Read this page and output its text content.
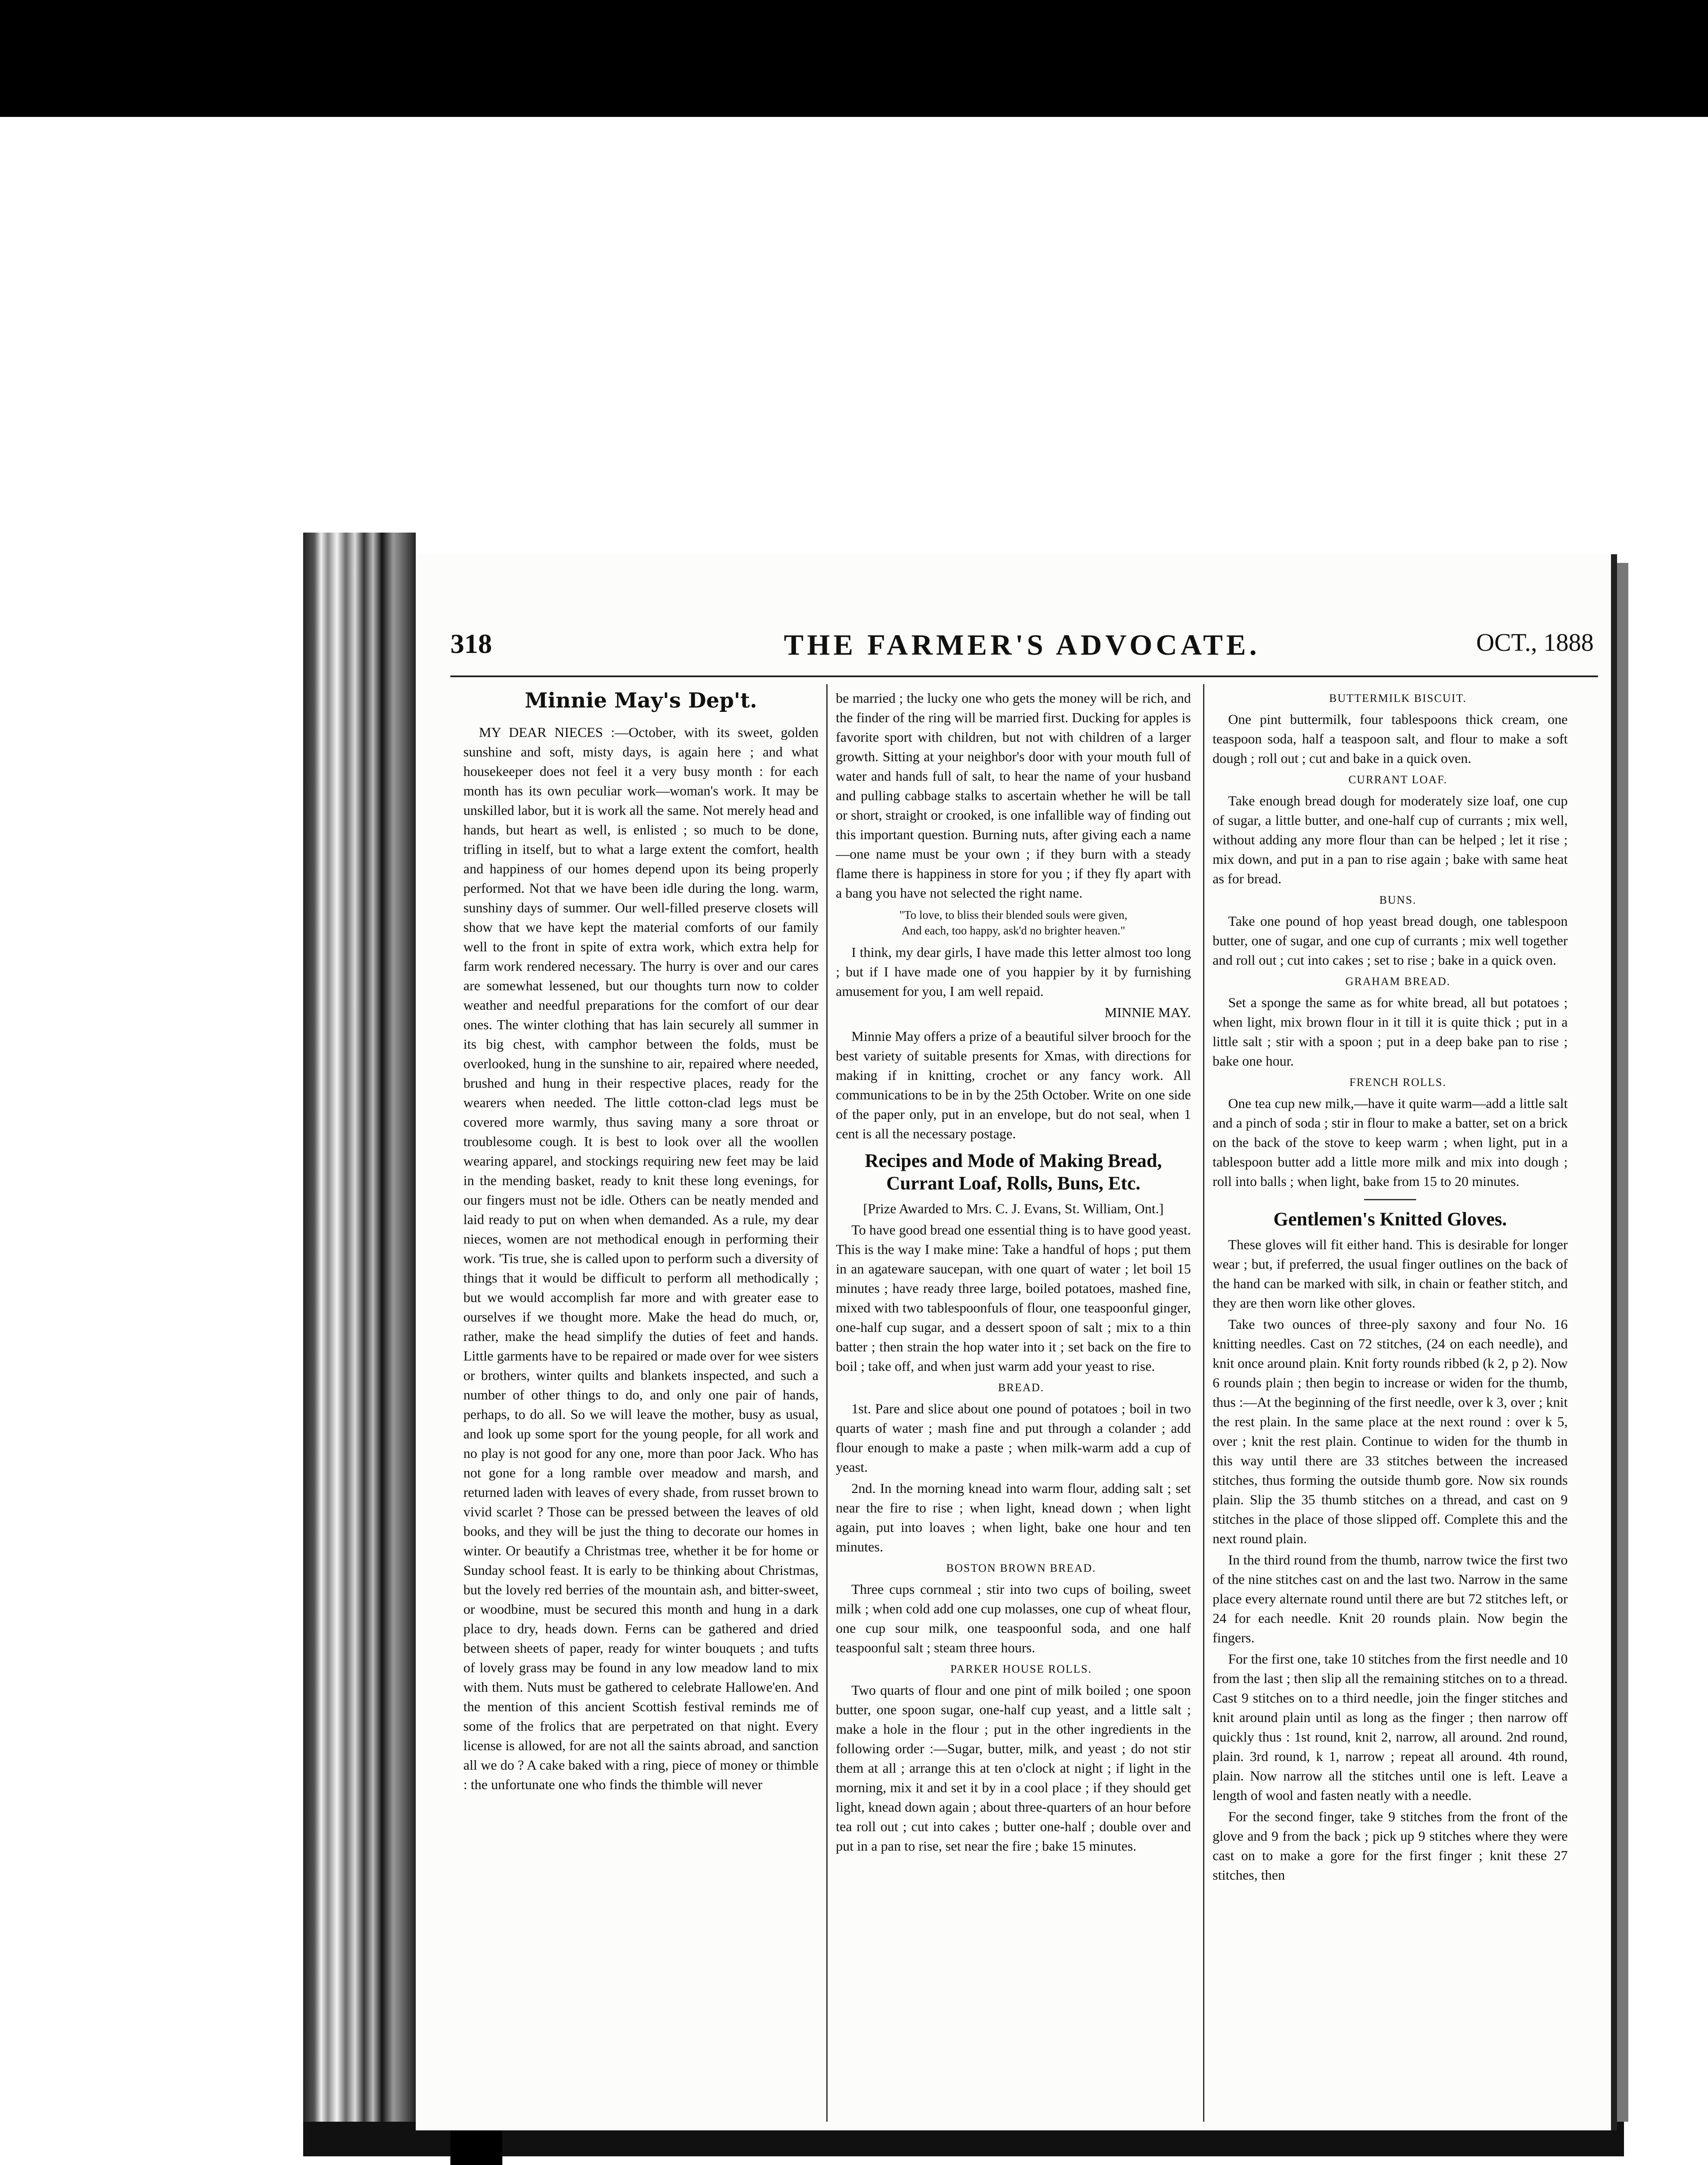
318	THE FARMER'S ADVOCATE.	OCT., 1888
Minnie May's Dep't.

MY DEAR NIECES :—October, with its sweet, golden sunshine and soft, misty days, is again here ; and what housekeeper does not feel it a very busy month : for each month has its own peculiar work—woman's work. It may be unskilled labor, but it is work all the same. Not merely head and hands, but heart as well, is enlisted ; so much to be done, trifling in itself, but to what a large extent the comfort, health and happiness of our homes depend upon its being properly performed. Not that we have been idle during the long. warm, sunshiny days of summer. Our well-filled preserve closets will show that we have kept the material comforts of our family well to the front in spite of extra work, which extra help for farm work rendered necessary. The hurry is over and our cares are somewhat lessened, but our thoughts turn now to colder weather and needful preparations for the comfort of our dear ones. The winter clothing that has lain securely all summer in its big chest, with camphor between the folds, must be overlooked, hung in the sunshine to air, repaired where needed, brushed and hung in their respective places, ready for the wearers when needed. The little cotton-clad legs must be covered more warmly, thus saving many a sore throat or troublesome cough. It is best to look over all the woollen wearing apparel, and stockings requiring new feet may be laid in the mending basket, ready to knit these long evenings, for our fingers must not be idle. Others can be neatly mended and laid ready to put on when when demanded. As a rule, my dear nieces, women are not methodical enough in performing their work. 'Tis true, she is called upon to perform such a diversity of things that it would be difficult to perform all methodically ; but we would accomplish far more and with greater ease to ourselves if we thought more. Make the head do much, or, rather, make the head simplify the duties of feet and hands. Little garments have to be repaired or made over for wee sisters or brothers, winter quilts and blankets inspected, and such a number of other things to do, and only one pair of hands, perhaps, to do all. So we will leave the mother, busy as usual, and look up some sport for the young people, for all work and no play is not good for any one, more than poor Jack. Who has not gone for a long ramble over meadow and marsh, and returned laden with leaves of every shade, from russet brown to vivid scarlet ? Those can be pressed between the leaves of old books, and they will be just the thing to decorate our homes in winter. Or beautify a Christmas tree, whether it be for home or Sunday school feast. It is early to be thinking about Christmas, but the lovely red berries of the mountain ash, and bitter-sweet, or woodbine, must be secured this month and hung in a dark place to dry, heads down. Ferns can be gathered and dried between sheets of paper, ready for winter bouquets ; and tufts of lovely grass may be found in any low meadow land to mix with them. Nuts must be gathered to celebrate Hallowe'en. And the mention of this ancient Scottish festival reminds me of some of the frolics that are perpetrated on that night. Every license is allowed, for are not all the saints abroad, and sanction all we do ? A cake baked with a ring, piece of money or thimble : the unfortunate one who finds the thimble will never

be married ; the lucky one who gets the money will be rich, and the finder of the ring will be married first. Ducking for apples is favorite sport with children, but not with children of a larger growth. Sitting at your neighbor's door with your mouth full of water and hands full of salt, to hear the name of your husband and pulling cabbage stalks to ascertain whether he will be tall or short, straight or crooked, is one infallible way of finding out this important question. Burning nuts, after giving each a name—one name must be your own ; if they burn with a steady flame there is happiness in store for you ; if they fly apart with a bang you have not selected the right name.

"To love, to bliss their blended souls were given,
And each, too happy, ask'd no brighter heaven."

I think, my dear girls, I have made this letter almost too long ; but if I have made one of you happier by it by furnishing amusement for you, I am well repaid.

MINNIE MAY.

Minnie May offers a prize of a beautiful silver brooch for the best variety of suitable presents for Xmas, with directions for making if in knitting, crochet or any fancy work. All communications to be in by the 25th October. Write on one side of the paper only, put in an envelope, but do not seal, when 1 cent is all the necessary postage.

Recipes and Mode of Making Bread, Currant Loaf, Rolls, Buns, Etc.

[Prize Awarded to Mrs. C. J. Evans, St. William, Ont.]

To have good bread one essential thing is to have good yeast. This is the way I make mine: Take a handful of hops ; put them in an agateware saucepan, with one quart of water ; let boil 15 minutes ; have ready three large, boiled potatoes, mashed fine, mixed with two tablespoonfuls of flour, one teaspoonful ginger, one-half cup sugar, and a dessert spoon of salt ; mix to a thin batter ; then strain the hop water into it ; set back on the fire to boil ; take off, and when just warm add your yeast to rise.

BREAD.

1st. Pare and slice about one pound of potatoes ; boil in two quarts of water ; mash fine and put through a colander ; add flour enough to make a paste ; when milk-warm add a cup of yeast.

2nd. In the morning knead into warm flour, adding salt ; set near the fire to rise ; when light, knead down ; when light again, put into loaves ; when light, bake one hour and ten minutes.

BOSTON BROWN BREAD.

Three cups cornmeal ; stir into two cups of boiling, sweet milk ; when cold add one cup molasses, one cup of wheat flour, one cup sour milk, one teaspoonful soda, and one half teaspoonful salt ; steam three hours.

PARKER HOUSE ROLLS.

Two quarts of flour and one pint of milk boiled ; one spoon butter, one spoon sugar, one-half cup yeast, and a little salt ; make a hole in the flour ; put in the other ingredients in the following order :—Sugar, butter, milk, and yeast ; do not stir them at all ; arrange this at ten o'clock at night ; if light in the morning, mix it and set it by in a cool place ; if they should get light, knead down again ; about three-quarters of an hour before tea roll out ; cut into cakes ; butter one-half ; double over and put in a pan to rise, set near the fire ; bake 15 minutes.

BUTTERMILK BISCUIT.

One pint buttermilk, four tablespoons thick cream, one teaspoon soda, half a teaspoon salt, and flour to make a soft dough ; roll out ; cut and bake in a quick oven.

CURRANT LOAF.

Take enough bread dough for moderately size loaf, one cup of sugar, a little butter, and one-half cup of currants ; mix well, without adding any more flour than can be helped ; let it rise ; mix down, and put in a pan to rise again ; bake with same heat as for bread.

BUNS.

Take one pound of hop yeast bread dough, one tablespoon butter, one of sugar, and one cup of currants ; mix well together and roll out ; cut into cakes ; set to rise ; bake in a quick oven.

GRAHAM BREAD.

Set a sponge the same as for white bread, all but potatoes ; when light, mix brown flour in it till it is quite thick ; put in a little salt ; stir with a spoon ; put in a deep bake pan to rise ; bake one hour.

FRENCH ROLLS.

One tea cup new milk,—have it quite warm—add a little salt and a pinch of soda ; stir in flour to make a batter, set on a brick on the back of the stove to keep warm ; when light, put in a tablespoon butter add a little more milk and mix into dough ; roll into balls ; when light, bake from 15 to 20 minutes.

Gentlemen's Knitted Gloves.

These gloves will fit either hand. This is desirable for longer wear ; but, if preferred, the usual finger outlines on the back of the hand can be marked with silk, in chain or feather stitch, and they are then worn like other gloves.

Take two ounces of three-ply saxony and four No. 16 knitting needles. Cast on 72 stitches, (24 on each needle), and knit once around plain. Knit forty rounds ribbed (k 2, p 2). Now 6 rounds plain ; then begin to increase or widen for the thumb, thus :—At the beginning of the first needle, over k 3, over ; knit the rest plain. In the same place at the next round : over k 5, over ; knit the rest plain. Continue to widen for the thumb in this way until there are 33 stitches between the increased stitches, thus forming the outside thumb gore. Now six rounds plain. Slip the 35 thumb stitches on a thread, and cast on 9 stitches in the place of those slipped off. Complete this and the next round plain.

In the third round from the thumb, narrow twice the first two of the nine stitches cast on and the last two. Narrow in the same place every alternate round until there are but 72 stitches left, or 24 for each needle. Knit 20 rounds plain. Now begin the fingers.

For the first one, take 10 stitches from the first needle and 10 from the last ; then slip all the remaining stitches on to a thread. Cast 9 stitches on to a third needle, join the finger stitches and knit around plain until as long as the finger ; then narrow off quickly thus : 1st round, knit 2, narrow, all around. 2nd round, plain. 3rd round, k 1, narrow ; repeat all around. 4th round, plain. Now narrow all the stitches until one is left. Leave a length of wool and fasten neatly with a needle.

For the second finger, take 9 stitches from the front of the glove and 9 from the back ; pick up 9 stitches where they were cast on to make a gore for the first finger ; knit these 27 stitches, then
